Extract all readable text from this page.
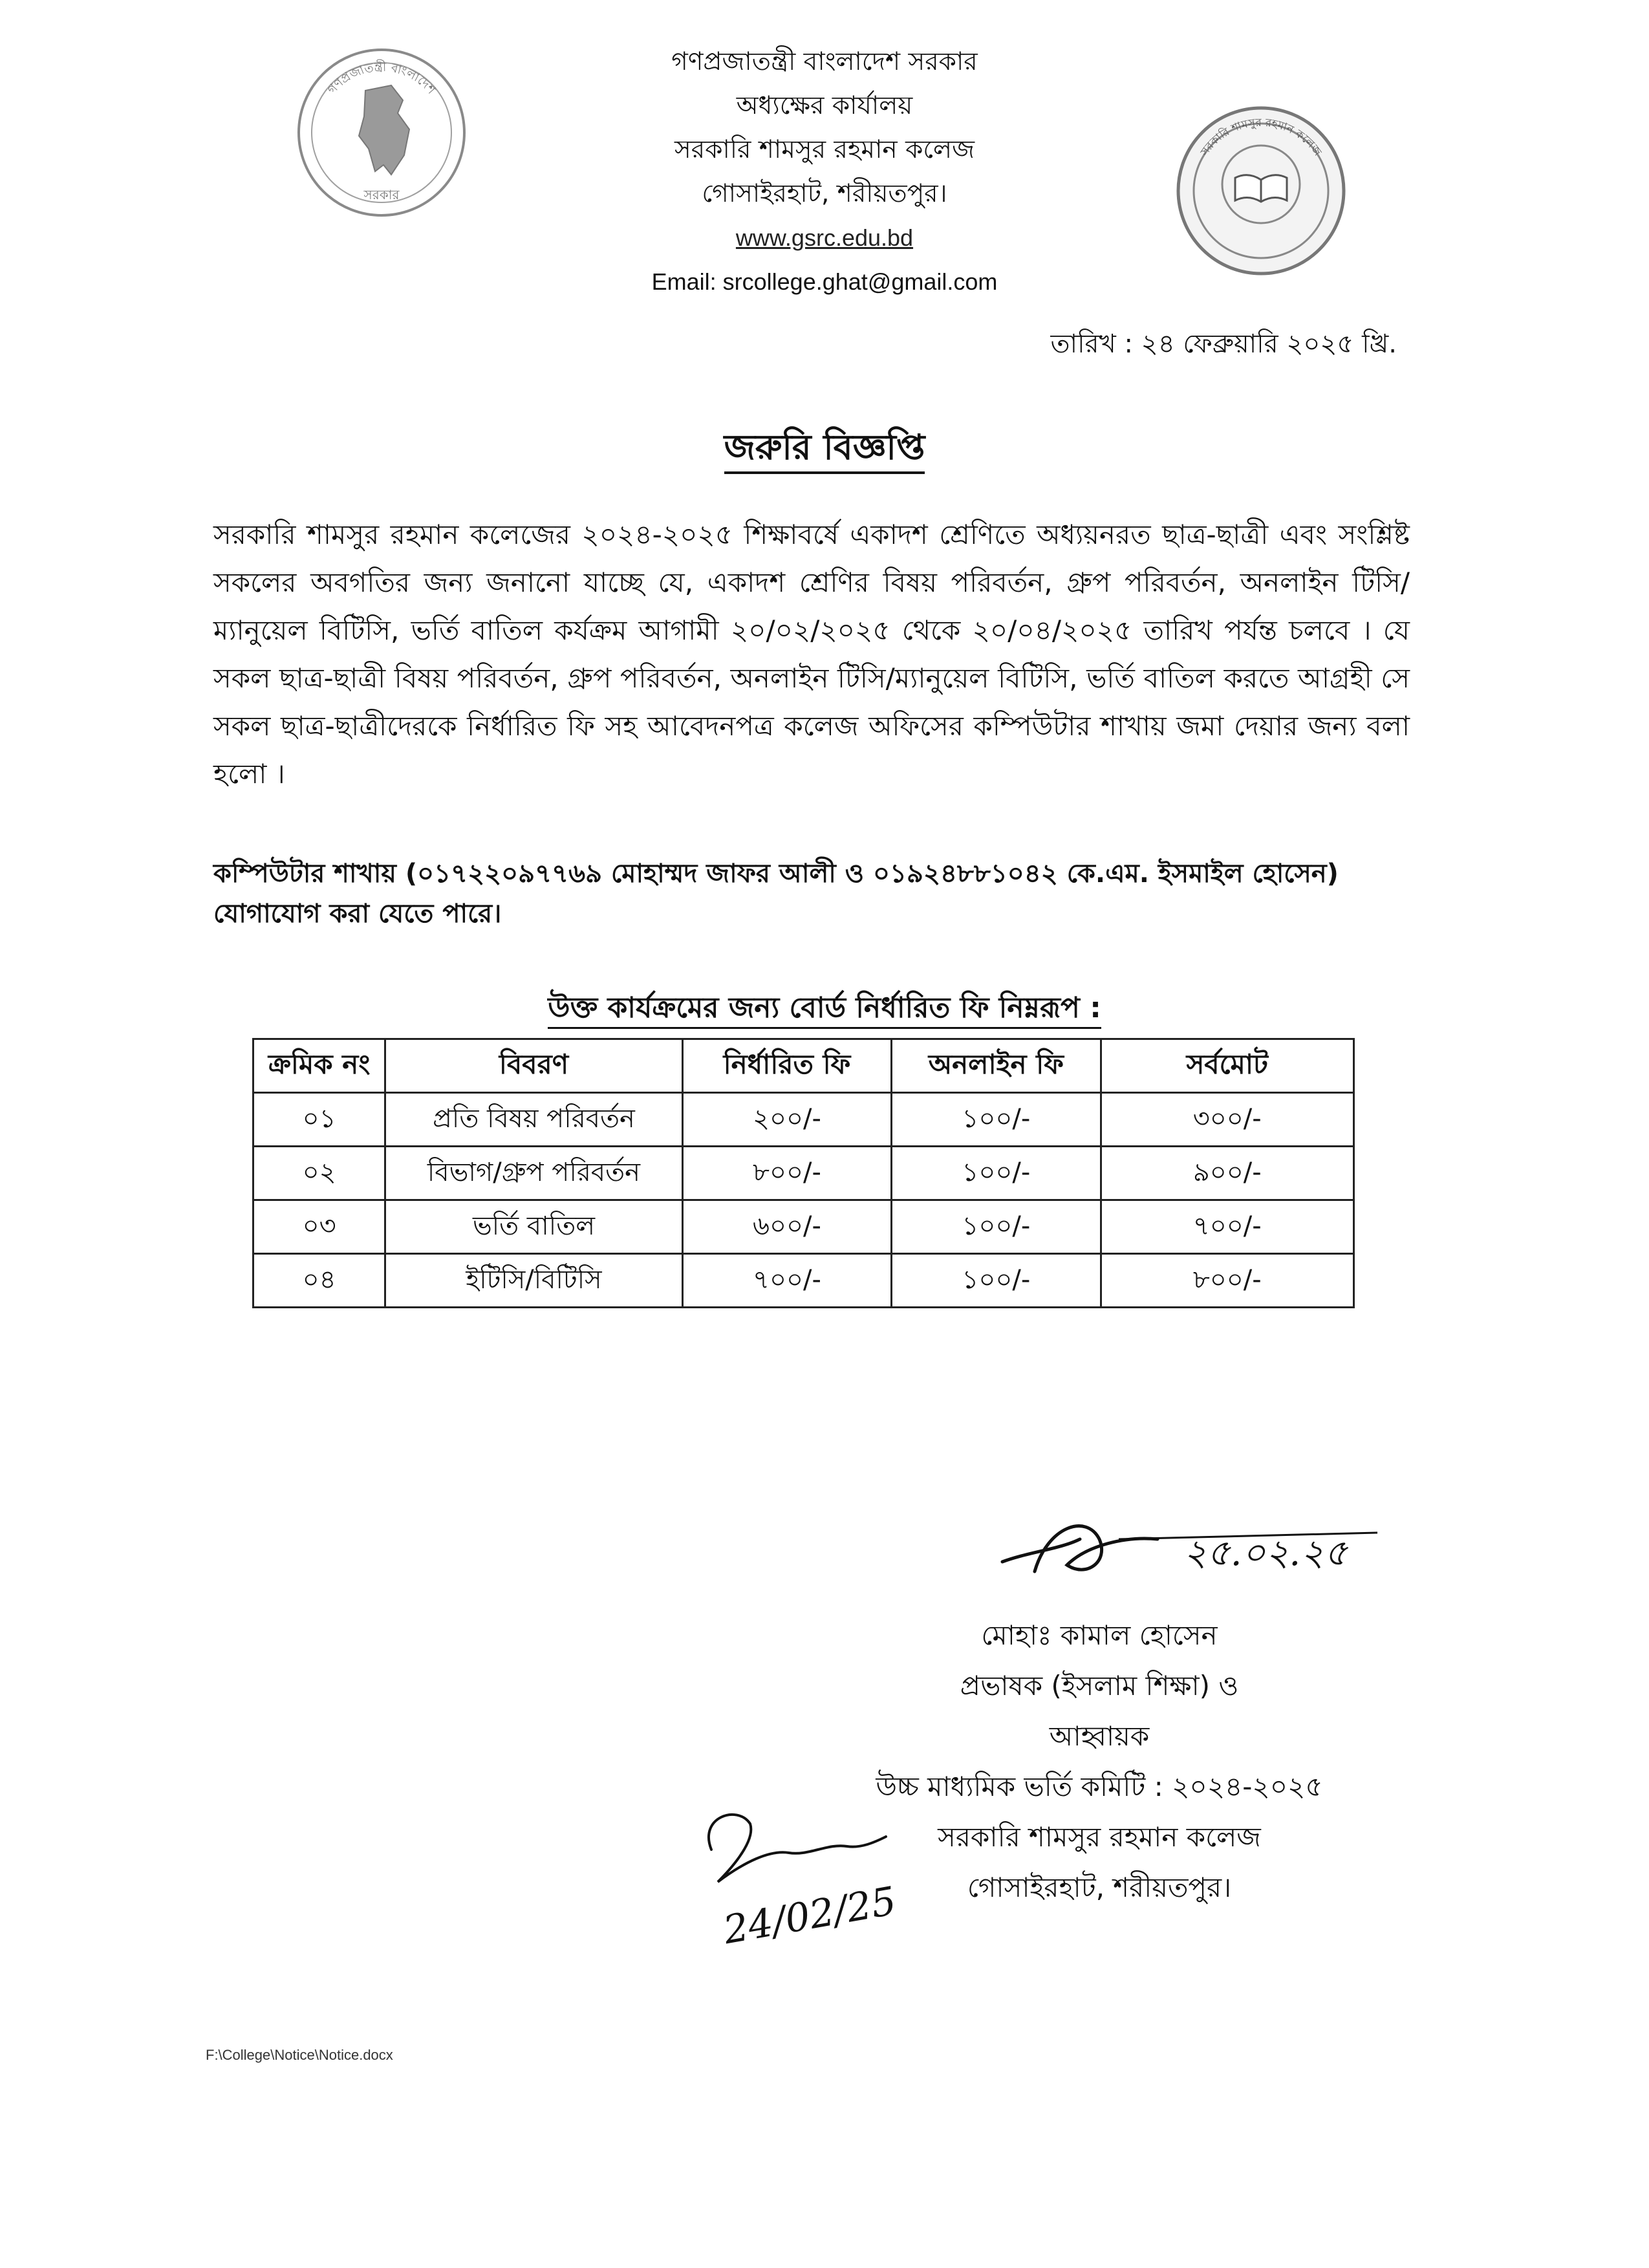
গণপ্রজাতন্ত্রী বাংলাদেশ
সরকার
গণপ্রজাতন্ত্রী বাংলাদেশ সরকার
অধ্যক্ষের কার্যালয়
সরকারি শামসুর রহমান কলেজ
গোসাইরহাট, শরীয়তপুর।
www.gsrc.edu.bd
Email: srcollege.ghat@gmail.com
সরকারি শামসুর রহমান কলেজ
তারিখ : ২৪ ফেব্রুয়ারি ২০২৫ খ্রি.
জরুরি বিজ্ঞপ্তি
সরকারি শামসুর রহমান কলেজের ২০২৪-২০২৫ শিক্ষাবর্ষে একাদশ শ্রেণিতে অধ্যয়নরত ছাত্র-ছাত্রী এবং সংশ্লিষ্ট সকলের অবগতির জন্য জনানো যাচ্ছে যে, একাদশ শ্রেণির বিষয় পরিবর্তন, গ্রুপ পরিবর্তন, অনলাইন টিসি/ম্যানুয়েল বিটিসি, ভর্তি বাতিল কর্যক্রম আগামী ২০/০২/২০২৫ থেকে ২০/০৪/২০২৫ তারিখ পর্যন্ত চলবে । যে সকল ছাত্র-ছাত্রী বিষয় পরিবর্তন, গ্রুপ পরিবর্তন, অনলাইন টিসি/ম্যানুয়েল বিটিসি, ভর্তি বাতিল করতে আগ্রহী সে সকল ছাত্র-ছাত্রীদেরকে নির্ধারিত ফি সহ আবেদনপত্র কলেজ অফিসের কম্পিউটার শাখায় জমা দেয়ার জন্য বলা হলো ।
কম্পিউটার শাখায় (০১৭২২০৯৭৭৬৯ মোহাম্মদ জাফর আলী ও ০১৯২৪৮৮১০৪২ কে.এম. ইসমাইল হোসেন)
যোগাযোগ করা যেতে পারে।
উক্ত কার্যক্রমের জন্য বোর্ড নির্ধারিত ফি নিম্নরূপ :
ক্রমিক নং	বিবরণ	নির্ধারিত ফি	অনলাইন ফি	সর্বমোট
০১	প্রতি বিষয় পরিবর্তন	২০০/-	১০০/-	৩০০/-
০২	বিভাগ/গ্রুপ পরিবর্তন	৮০০/-	১০০/-	৯০০/-
০৩	ভর্তি বাতিল	৬০০/-	১০০/-	৭০০/-
০৪	ইটিসি/বিটিসি	৭০০/-	১০০/-	৮০০/-
২৫.০২.২৫
মোহাঃ কামাল হোসেন
প্রভাষক (ইসলাম শিক্ষা) ও
আহ্বায়ক
উচ্চ মাধ্যমিক ভর্তি কমিটি : ২০২৪-২০২৫
সরকারি শামসুর রহমান কলেজ
গোসাইরহাট, শরীয়তপুর।
24/02/25
F:\College\Notice\Notice.docx
